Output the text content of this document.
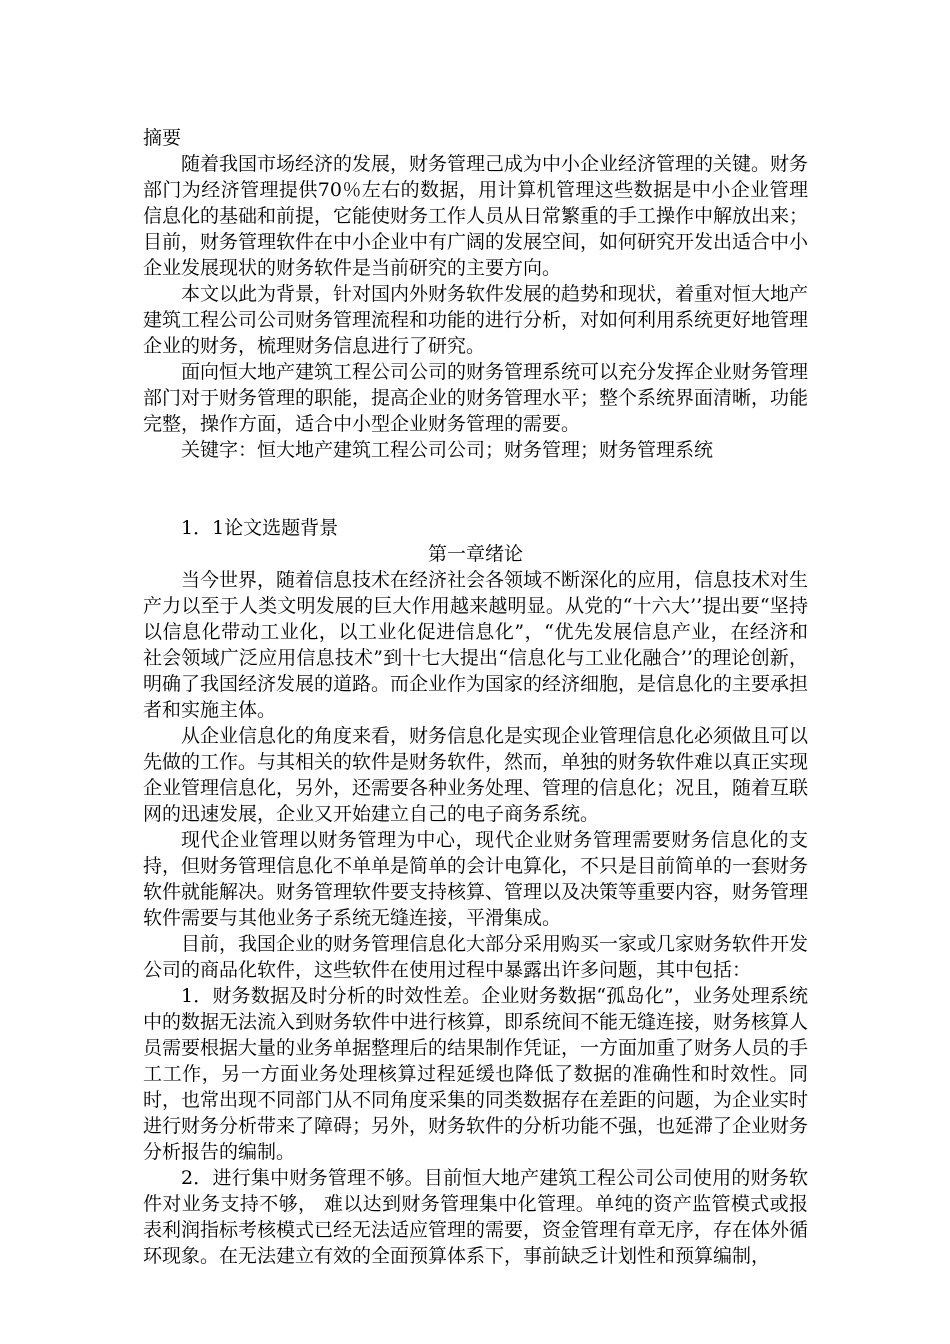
摘要

随着我国市场经济的发展，财务管理己成为中小企业经济管理的关键。财务部门为经济管理提供70％左右的数据，用计算机管理这些数据是中小企业管理信息化的基础和前提，它能使财务工作人员从日常繁重的手工操作中解放出来；目前，财务管理软件在中小企业中有广阔的发展空间，如何研究开发出适合中小企业发展现状的财务软件是当前研究的主要方向。

本文以此为背景，针对国内外财务软件发展的趋势和现状，着重对恒大地产建筑工程公司公司财务管理流程和功能的进行分析，对如何利用系统更好地管理企业的财务，梳理财务信息进行了研究。

面向恒大地产建筑工程公司公司的财务管理系统可以充分发挥企业财务管理部门对于财务管理的职能，提高企业的财务管理水平；整个系统界面清晰，功能完整，操作方面，适合中小型企业财务管理的需要。

关键字：恒大地产建筑工程公司公司；财务管理；财务管理系统

1．1论文选题背景

第一章绪论

当今世界，随着信息技术在经济社会各领域不断深化的应用，信息技术对生产力以至于人类文明发展的巨大作用越来越明显。从党的“十六大’’提出要“坚持以信息化带动工业化，以工业化促进信息化”，“优先发展信息产业，在经济和社会领域广泛应用信息技术”到十七大提出“信息化与工业化融合’’的理论创新， 明确了我国经济发展的道路。而企业作为国家的经济细胞，是信息化的主要承担者和实施主体。

从企业信息化的角度来看，财务信息化是实现企业管理信息化必须做且可以先做的工作。与其相关的软件是财务软件，然而，单独的财务软件难以真正实现企业管理信息化，另外，还需要各种业务处理、管理的信息化；况且，随着互联网的迅速发展，企业又开始建立自己的电子商务系统。

现代企业管理以财务管理为中心，现代企业财务管理需要财务信息化的支持，但财务管理信息化不单单是简单的会计电算化，不只是目前简单的一套财务软件就能解决。财务管理软件要支持核算、管理以及决策等重要内容，财务管理软件需要与其他业务子系统无缝连接，平滑集成。

目前，我国企业的财务管理信息化大部分采用购买一家或几家财务软件开发公司的商品化软件，这些软件在使用过程中暴露出许多问题，其中包括：

1．财务数据及时分析的时效性差。企业财务数据“孤岛化”，业务处理系统中的数据无法流入到财务软件中进行核算，即系统间不能无缝连接，财务核算人员需要根据大量的业务单据整理后的结果制作凭证，一方面加重了财务人员的手工工作，另一方面业务处理核算过程延缓也降低了数据的准确性和时效性。同时，也常出现不同部门从不同角度采集的同类数据存在差距的问题，为企业实时进行财务分析带来了障碍；另外，财务软件的分析功能不强，也延滞了企业财务分析报告的编制。

2．进行集中财务管理不够。目前恒大地产建筑工程公司公司使用的财务软件对业务支持不够， 难以达到财务管理集中化管理。单纯的资产监管模式或报表利润指标考核模式已经无法适应管理的需要，资金管理有章无序，存在体外循环现象。在无法建立有效的全面预算体系下，事前缺乏计划性和预算编制，
